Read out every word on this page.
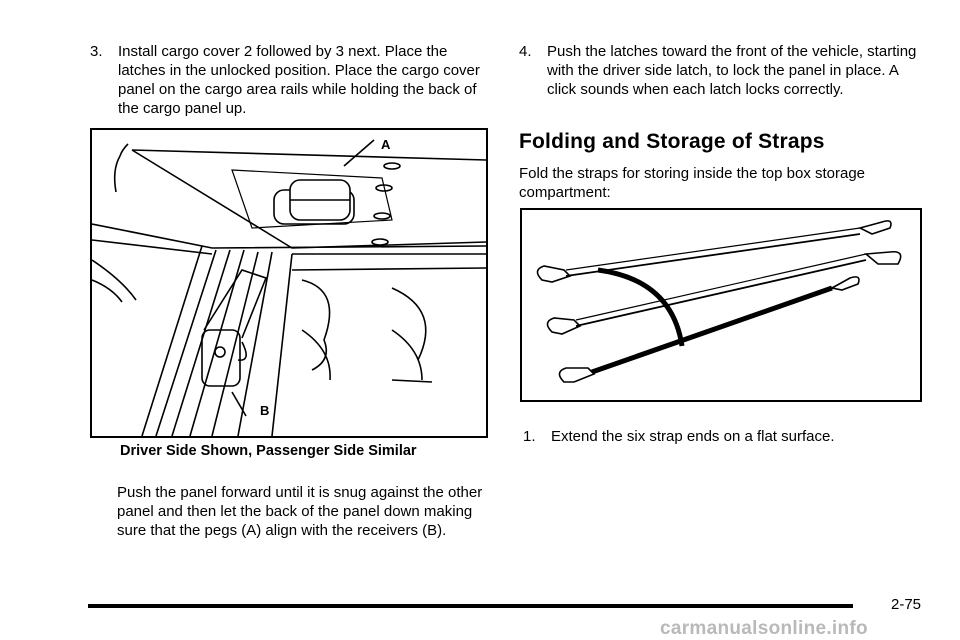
3.	Install cargo cover 2 followed by 3 next. Place the latches in the unlocked position. Place the cargo cover panel on the cargo area rails while holding the back of the cargo panel up.
A
B
Driver Side Shown, Passenger Side Similar
Push the panel forward until it is snug against the other panel and then let the back of the panel down making sure that the pegs (A) align with the receivers (B).
4.	Push the latches toward the front of the vehicle, starting with the driver side latch, to lock the panel in place. A click sounds when each latch locks correctly.
Folding and Storage of Straps
Fold the straps for storing inside the top box storage compartment:
1.	Extend the six strap ends on a flat surface.
2-75
carmanualsonline.info
